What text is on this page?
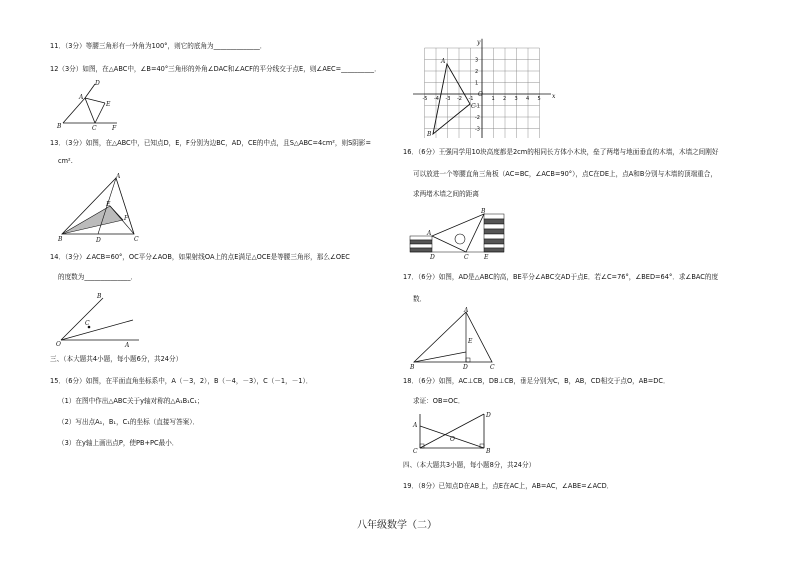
11．（3分）等腰三角形有一外角为100°，则它的底角为______________．
12（3分）如图，在△ABC中，∠B=40°三角形的外角∠DAC和∠ACF的平分线交于点E，则∠AEC=__________．
B
A
D
E
C	F
13．（3分）如图，在△ABC中，已知点D，E，F分别为边BC，AD，CE的中点，且S△ABC=4cm²，则S阴影=
cm².
B
A
E
F
D	C
14．（3分）∠ACB=60°，OC平分∠AOB，如果射线OA上的点E满足△OCE是等腰三角形，那么∠OEC
的度数为______________．
O	A
B
C
三、（本大题共4小题，每小题6分，共24分）
15．（6分）如图，在平面直角坐标系中，A（－3，2），B（－4，－3），C（－1，－1）．
（1）在图中作出△ABC关于y轴对称的△A₁B₁C₁；
（2）写出点A₁，B₁，C₁的坐标（直接写答案）．
（3）在y轴上画出点P，使PB+PC最小．
-5 -4 -3 -2 -1	1 2 3 4 5
-3
-2
-1
1
2
3
A
B
C
O	x
y
16．（6分）王强同学用10块高度都是2cm的相同长方体小木块，垒了两堵与地面垂直的木墙，木墙之间刚好
可以放进一个等腰直角三角板（AC=BC，∠ACB=90°），点C在DE上，点A和B分别与木墙的顶端重合，
求两堵木墙之间的距离
A
B
D	C	E
17．（6分）如图，AD是△ABC的高，BE平分∠ABC交AD于点E．若∠C=76°，∠BED=64°．求∠BAC的度
数．
A
E
B	D	C
18．（6分）如图，AC⊥CB，DB⊥CB，垂足分别为C，B，AB，CD相交于点O，AB=DC．
求证：OB=OC．
A
D
O
C	B
四、（本大题共3小题，每小题8分，共24分）
19．（8分）已知点D在AB上，点E在AC上，AB=AC，∠ABE=∠ACD．
八年级数学（二）
